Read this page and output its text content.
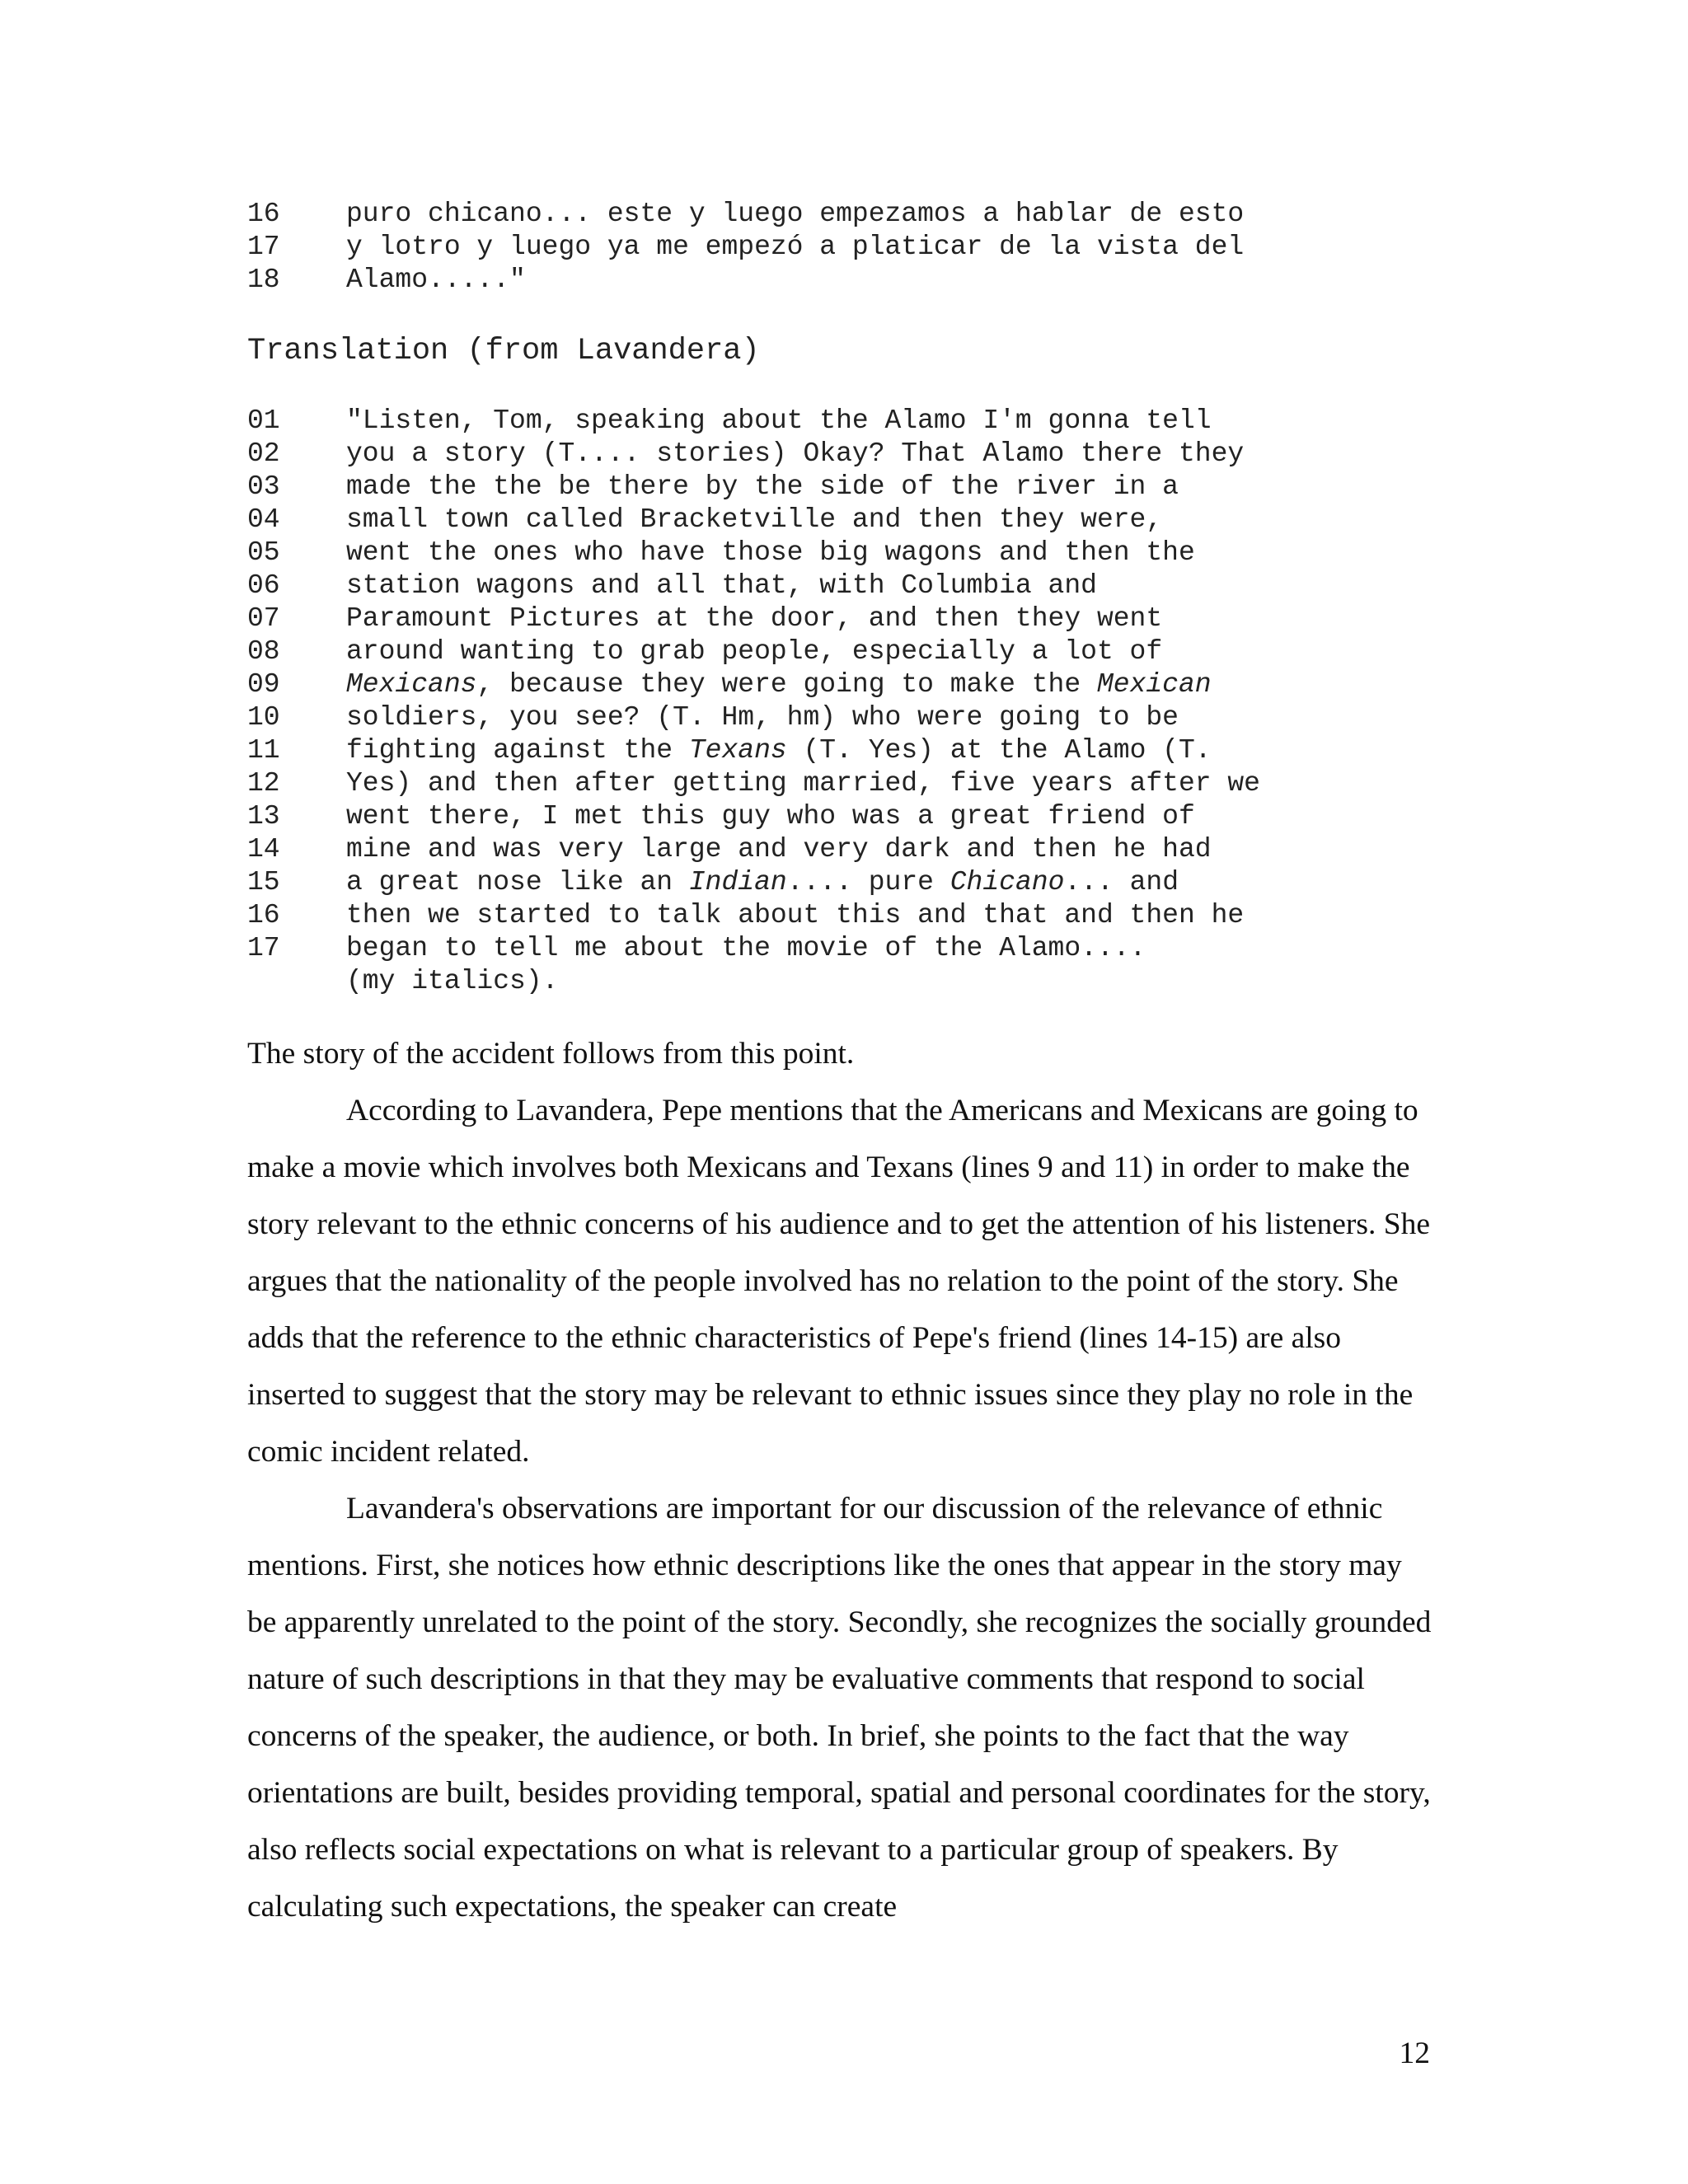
16	puro chicano... este y luego empezamos a hablar de esto
17	y lotro y luego ya me empezó a platicar de la vista del
18	Alamo....."
Translation (from Lavandera)
01	"Listen, Tom, speaking about the Alamo I'm gonna tell
02	you a story (T.... stories) Okay? That Alamo there they
03	made the the be there by the side of the river in a
04	small town called Bracketville and then they were,
05	went the ones who have those big wagons and then the
06	station wagons and all that, with Columbia and
07	Paramount Pictures at the door, and then they went
08	around wanting to grab people, especially a lot of
09	Mexicans, because they were going to make the Mexican
10	soldiers, you see? (T. Hm, hm) who were going to be
11	fighting against the Texans (T. Yes) at the Alamo (T.
12	Yes) and then after getting married, five years after we
13	went there, I met this guy who was a great friend of
14	mine and was very large and very dark and then he had
15	a great nose like an Indian.... pure Chicano... and
16	then we started to talk about this and that and then he
17	began to tell me about the movie of the Alamo....
(my italics).

The story of the accident follows from this point.

According to Lavandera, Pepe mentions that the Americans and Mexicans are going to make a movie which involves both Mexicans and Texans (lines 9 and 11) in order to make the story relevant to the ethnic concerns of his audience and to get the attention of his listeners. She argues that the nationality of the people involved has no relation to the point of the story. She adds that the reference to the ethnic characteristics of Pepe's friend (lines 14-15) are also inserted to suggest that the story may be relevant to ethnic issues since they play no role in the comic incident related.

Lavandera's observations are important for our discussion of the relevance of ethnic mentions. First, she notices how ethnic descriptions like the ones that appear in the story may be apparently unrelated to the point of the story. Secondly, she recognizes the socially grounded nature of such descriptions in that they may be evaluative comments that respond to social concerns of the speaker, the audience, or both. In brief, she points to the fact that the way orientations are built, besides providing temporal, spatial and personal coordinates for the story, also reflects social expectations on what is relevant to a particular group of speakers. By calculating such expectations, the speaker can create

12
